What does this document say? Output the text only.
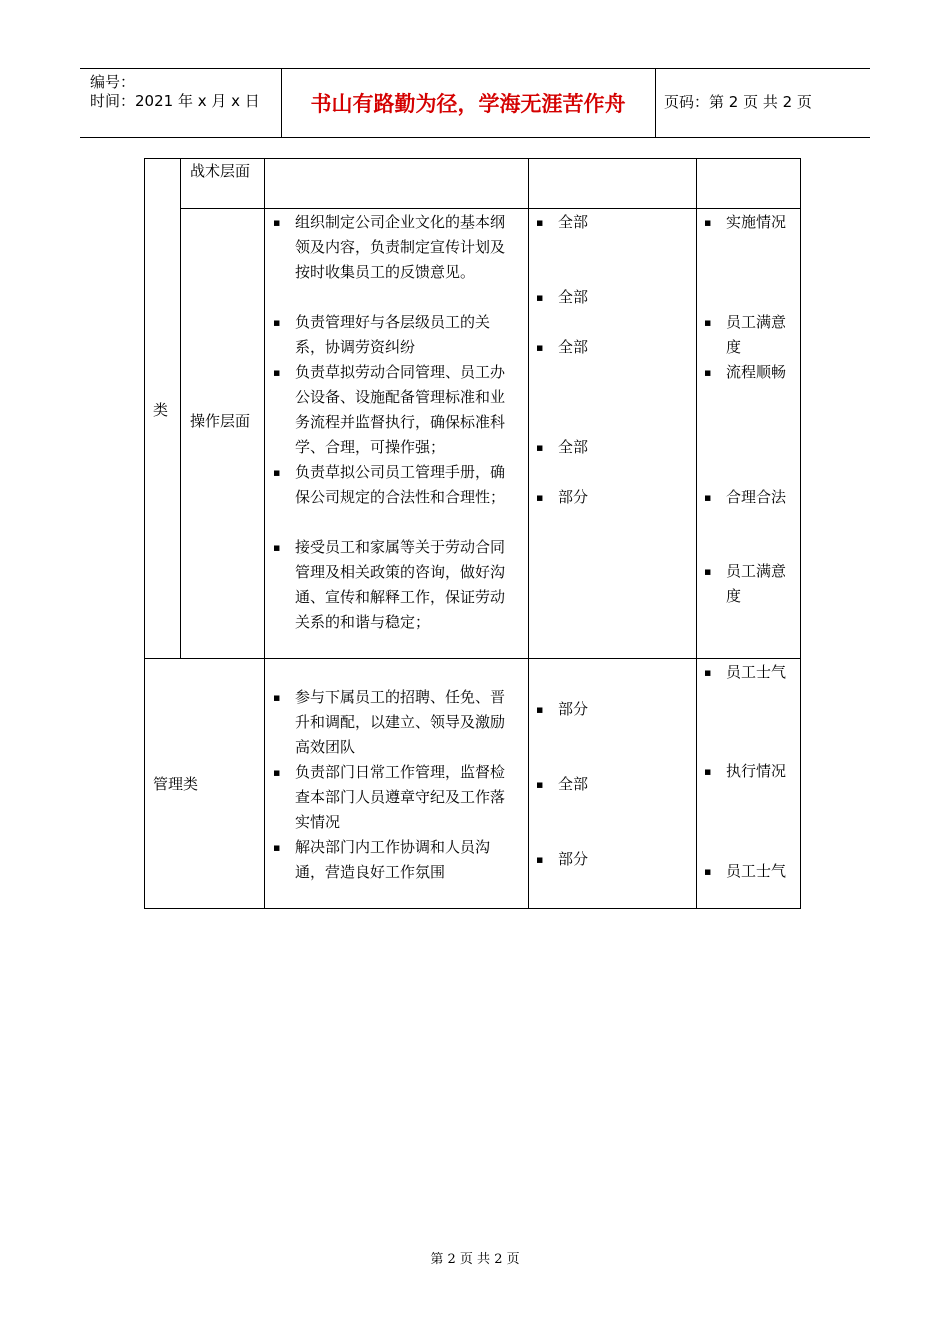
编号：
时间：2021 年 x 月 x 日	书山有路勤为径，学海无涯苦作舟	页码：第 2 页 共 2 页
类
战术层面
操作层面
管理类
▪ 组织制定公司企业文化的基本纲领及内容，负责制定宣传计划及按时收集员工的反馈意见。
▪ 负责管理好与各层级员工的关系，协调劳资纠纷
▪ 负责草拟劳动合同管理、员工办公设备、设施配备管理标准和业务流程并监督执行，确保标准科学、合理，可操作强；
▪ 负责草拟公司员工管理手册，确保公司规定的合法性和合理性；
▪ 接受员工和家属等关于劳动合同管理及相关政策的咨询，做好沟通、宣传和解释工作，保证劳动关系的和谐与稳定；
▪ 全部
▪ 全部
▪ 全部
▪ 全部
▪ 部分
▪ 实施情况
▪ 员工满意度
▪ 流程顺畅
▪ 合理合法
▪ 员工满意度
▪ 参与下属员工的招聘、任免、晋升和调配，以建立、领导及激励高效团队
▪ 负责部门日常工作管理，监督检查本部门人员遵章守纪及工作落实情况
▪ 解决部门内工作协调和人员沟通，营造良好工作氛围
▪ 部分
▪ 全部
▪ 部分
▪ 员工士气
▪ 执行情况
▪ 员工士气
第 2 页 共 2 页
